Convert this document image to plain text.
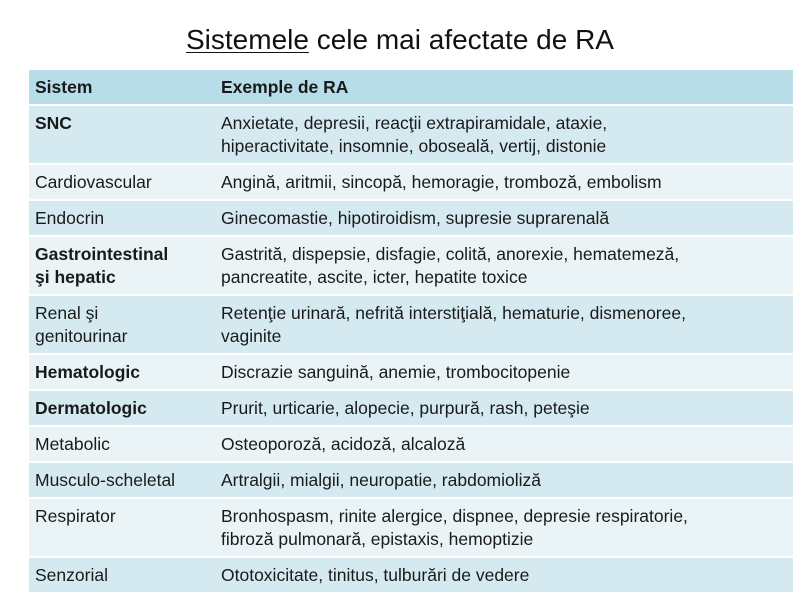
Sistemele cele mai afectate de RA
Sistem	Exemple de RA
SNC	Anxietate, depresii, reacţii extrapiramidale, ataxie,
hiperactivitate, insomnie, oboseală, vertij, distonie

Cardiovascular	Angină, aritmii, sincopă, hemoragie, tromboză, embolism
Endocrin	Ginecomastie, hipotiroidism, supresie suprarenală

Gastrointestinal
şi hepatic	Gastrită, dispepsie, disfagie, colită, anorexie, hematemeză,
pancreatite, ascite, icter, hepatite toxice

Renal şi
genitourinar	Retenţie urinară, nefrită interstiţială, hematurie, dismenoree,
vaginite

Hematologic	Discrazie sanguină, anemie, trombocitopenie
Dermatologic	Prurit, urticarie, alopecie, purpură, rash, peteşie
Metabolic	Osteoporoză, acidoză, alcaloză
Musculo-scheletal	Artralgii, mialgii, neuropatie, rabdomioliză
Respirator	Bronhospasm, rinite alergice, dispnee, depresie respiratorie,
fibroză pulmonară, epistaxis, hemoptizie

Senzorial	Ototoxicitate, tinitus, tulburări de vedere
